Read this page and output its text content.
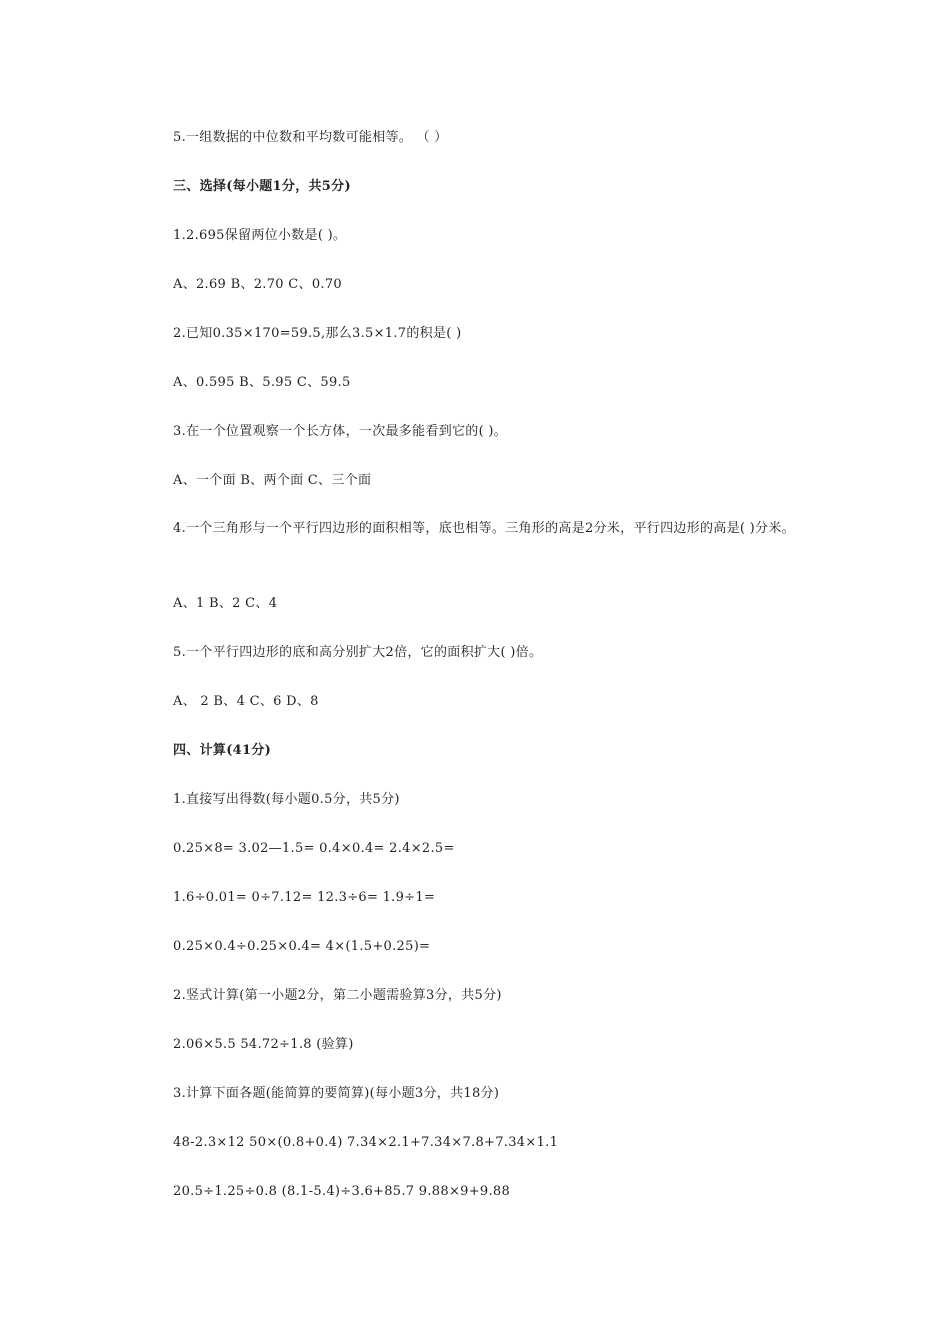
5.一组数据的中位数和平均数可能相等。 （ ）

三、选择(每小题1分，共5分)

1.2.695保留两位小数是( )。

A、2.69 B、2.70 C、0.70

2.已知0.35×170=59.5,那么3.5×1.7的积是( )

A、0.595 B、5.95 C、59.5

3.在一个位置观察一个长方体，一次最多能看到它的( )。

A、一个面 B、两个面 C、三个面

4.一个三角形与一个平行四边形的面积相等，底也相等。三角形的高是2分米，平行四边形的高是( )分米。

A、1 B、2 C、4

5.一个平行四边形的底和高分别扩大2倍，它的面积扩大( )倍。

A、 2 B、4 C、6 D、8

四、计算(41分)

1.直接写出得数(每小题0.5分，共5分)

0.25×8= 3.02—1.5= 0.4×0.4= 2.4×2.5=

1.6÷0.01= 0÷7.12= 12.3÷6= 1.9÷1=

0.25×0.4÷0.25×0.4= 4×(1.5+0.25)=

2.竖式计算(第一小题2分，第二小题需验算3分，共5分)

2.06×5.5 54.72÷1.8 (验算)

3.计算下面各题(能简算的要简算)(每小题3分，共18分)

48-2.3×12 50×(0.8+0.4) 7.34×2.1+7.34×7.8+7.34×1.1

20.5÷1.25÷0.8 (8.1-5.4)÷3.6+85.7 9.88×9+9.88
